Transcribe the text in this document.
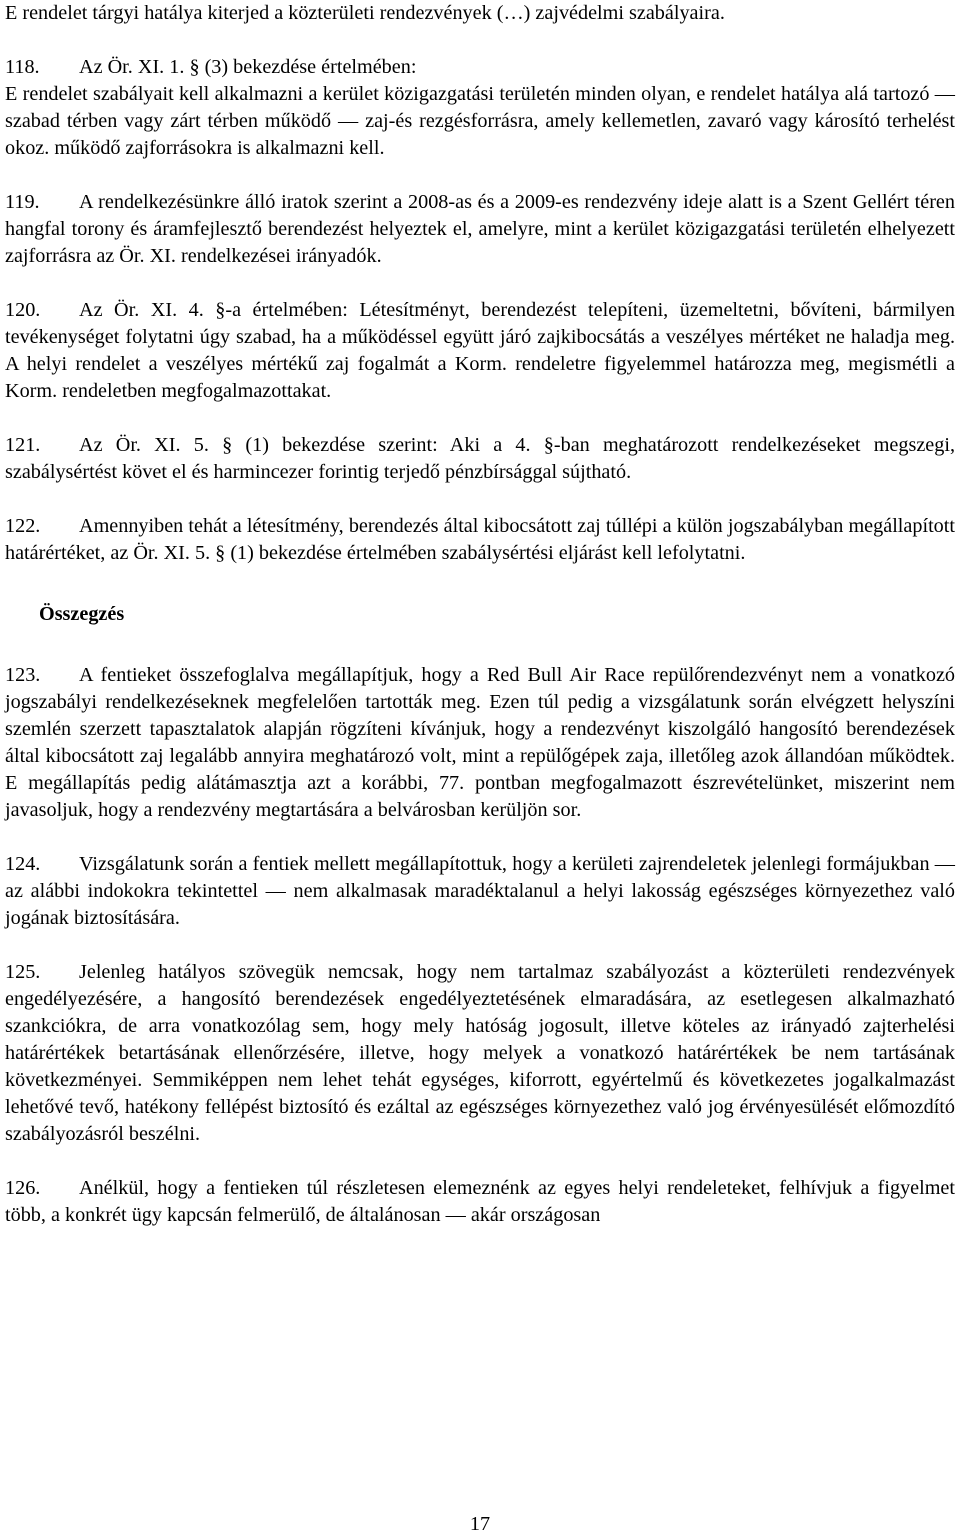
E rendelet tárgyi hatálya kiterjed a közterületi rendezvények (…) zajvédelmi szabályaira.

118. Az Ör. XI. 1. § (3) bekezdése értelmében:

E rendelet szabályait kell alkalmazni a kerület közigazgatási területén minden olyan, e rendelet hatálya alá tartozó — szabad térben vagy zárt térben működő — zaj-és rezgésforrásra, amely kellemetlen, zavaró vagy károsító terhelést okoz. működő zajforrásokra is alkalmazni kell.

119. A rendelkezésünkre álló iratok szerint a 2008-as és a 2009-es rendezvény ideje alatt is a Szent Gellért téren hangfal torony és áramfejlesztő berendezést helyeztek el, amelyre, mint a kerület közigazgatási területén elhelyezett zajforrásra az Ör. XI. rendelkezései irányadók.

120. Az Ör. XI. 4. §-a értelmében: Létesítményt, berendezést telepíteni, üzemeltetni, bővíteni, bármilyen tevékenységet folytatni úgy szabad, ha a működéssel együtt járó zajkibocsátás a veszélyes mértéket ne haladja meg. A helyi rendelet a veszélyes mértékű zaj fogalmát a Korm. rendeletre figyelemmel határozza meg, megismétli a Korm. rendeletben megfogalmazottakat.

121. Az Ör. XI. 5. § (1) bekezdése szerint: Aki a 4. §-ban meghatározott rendelkezéseket megszegi, szabálysértést követ el és harmincezer forintig terjedő pénzbírsággal sújtható.

122. Amennyiben tehát a létesítmény, berendezés által kibocsátott zaj túllépi a külön jogszabályban megállapított határértéket, az Ör. XI. 5. § (1) bekezdése értelmében szabálysértési eljárást kell lefolytatni.

Összegzés

123. A fentieket összefoglalva megállapítjuk, hogy a Red Bull Air Race repülőrendezvényt nem a vonatkozó jogszabályi rendelkezéseknek megfelelően tartották meg. Ezen túl pedig a vizsgálatunk során elvégzett helyszíni szemlén szerzett tapasztalatok alapján rögzíteni kívánjuk, hogy a rendezvényt kiszolgáló hangosító berendezések által kibocsátott zaj legalább annyira meghatározó volt, mint a repülőgépek zaja, illetőleg azok állandóan működtek. E megállapítás pedig alátámasztja azt a korábbi, 77. pontban megfogalmazott észrevételünket, miszerint nem javasoljuk, hogy a rendezvény megtartására a belvárosban kerüljön sor.

124. Vizsgálatunk során a fentiek mellett megállapítottuk, hogy a kerületi zajrendeletek jelenlegi formájukban — az alábbi indokokra tekintettel — nem alkalmasak maradéktalanul a helyi lakosság egészséges környezethez való jogának biztosítására.

125. Jelenleg hatályos szövegük nemcsak, hogy nem tartalmaz szabályozást a közterületi rendezvények engedélyezésére, a hangosító berendezések engedélyeztetésének elmaradására, az esetlegesen alkalmazható szankciókra, de arra vonatkozólag sem, hogy mely hatóság jogosult, illetve köteles az irányadó zajterhelési határértékek betartásának ellenőrzésére, illetve, hogy melyek a vonatkozó határértékek be nem tartásának következményei. Semmiképpen nem lehet tehát egységes, kiforrott, egyértelmű és következetes jogalkalmazást lehetővé tevő, hatékony fellépést biztosító és ezáltal az egészséges környezethez való jog érvényesülését előmozdító szabályozásról beszélni.

126. Anélkül, hogy a fentieken túl részletesen elemeznénk az egyes helyi rendeleteket, felhívjuk a figyelmet több, a konkrét ügy kapcsán felmerülő, de általánosan — akár országosan

17
